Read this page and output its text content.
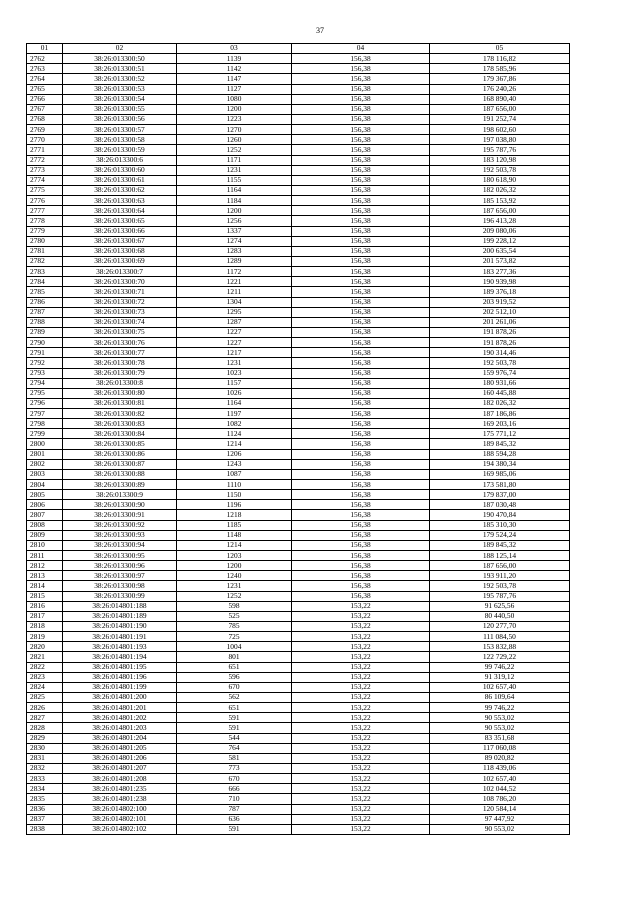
37
01	02	03	04	05
2762	38:26:013300:50	1139	156,38	178 116,82
2763	38:26:013300:51	1142	156,38	178 585,96
2764	38:26:013300:52	1147	156,38	179 367,86
2765	38:26:013300:53	1127	156,38	176 240,26
2766	38:26:013300:54	1080	156,38	168 890,40
2767	38:26:013300:55	1200	156,38	187 656,00
2768	38:26:013300:56	1223	156,38	191 252,74
2769	38:26:013300:57	1270	156,38	198 602,60
2770	38:26:013300:58	1260	156,38	197 038,80
2771	38:26:013300:59	1252	156,38	195 787,76
2772	38:26:013300:6	1171	156,38	183 120,98
2773	38:26:013300:60	1231	156,38	192 503,78
2774	38:26:013300:61	1155	156,38	180 618,90
2775	38:26:013300:62	1164	156,38	182 026,32
2776	38:26:013300:63	1184	156,38	185 153,92
2777	38:26:013300:64	1200	156,38	187 656,00
2778	38:26:013300:65	1256	156,38	196 413,28
2779	38:26:013300:66	1337	156,38	209 080,06
2780	38:26:013300:67	1274	156,38	199 228,12
2781	38:26:013300:68	1283	156,38	200 635,54
2782	38:26:013300:69	1289	156,38	201 573,82
2783	38:26:013300:7	1172	156,38	183 277,36
2784	38:26:013300:70	1221	156,38	190 939,98
2785	38:26:013300:71	1211	156,38	189 376,18
2786	38:26:013300:72	1304	156,38	203 919,52
2787	38:26:013300:73	1295	156,38	202 512,10
2788	38:26:013300:74	1287	156,38	201 261,06
2789	38:26:013300:75	1227	156,38	191 878,26
2790	38:26:013300:76	1227	156,38	191 878,26
2791	38:26:013300:77	1217	156,38	190 314,46
2792	38:26:013300:78	1231	156,38	192 503,78
2793	38:26:013300:79	1023	156,38	159 976,74
2794	38:26:013300:8	1157	156,38	180 931,66
2795	38:26:013300:80	1026	156,38	160 445,88
2796	38:26:013300:81	1164	156,38	182 026,32
2797	38:26:013300:82	1197	156,38	187 186,86
2798	38:26:013300:83	1082	156,38	169 203,16
2799	38:26:013300:84	1124	156,38	175 771,12
2800	38:26:013300:85	1214	156,38	189 845,32
2801	38:26:013300:86	1206	156,38	188 594,28
2802	38:26:013300:87	1243	156,38	194 380,34
2803	38:26:013300:88	1087	156,38	169 985,06
2804	38:26:013300:89	1110	156,38	173 581,80
2805	38:26:013300:9	1150	156,38	179 837,00
2806	38:26:013300:90	1196	156,38	187 030,48
2807	38:26:013300:91	1218	156,38	190 470,84
2808	38:26:013300:92	1185	156,38	185 310,30
2809	38:26:013300:93	1148	156,38	179 524,24
2810	38:26:013300:94	1214	156,38	189 845,32
2811	38:26:013300:95	1203	156,38	188 125,14
2812	38:26:013300:96	1200	156,38	187 656,00
2813	38:26:013300:97	1240	156,38	193 911,20
2814	38:26:013300:98	1231	156,38	192 503,78
2815	38:26:013300:99	1252	156,38	195 787,76
2816	38:26:014801:188	598	153,22	91 625,56
2817	38:26:014801:189	525	153,22	80 440,50
2818	38:26:014801:190	785	153,22	120 277,70
2819	38:26:014801:191	725	153,22	111 084,50
2820	38:26:014801:193	1004	153,22	153 832,88
2821	38:26:014801:194	801	153,22	122 729,22
2822	38:26:014801:195	651	153,22	99 746,22
2823	38:26:014801:196	596	153,22	91 319,12
2824	38:26:014801:199	670	153,22	102 657,40
2825	38:26:014801:200	562	153,22	86 109,64
2826	38:26:014801:201	651	153,22	99 746,22
2827	38:26:014801:202	591	153,22	90 553,02
2828	38:26:014801:203	591	153,22	90 553,02
2829	38:26:014801:204	544	153,22	83 351,68
2830	38:26:014801:205	764	153,22	117 060,08
2831	38:26:014801:206	581	153,22	89 020,82
2832	38:26:014801:207	773	153,22	118 439,06
2833	38:26:014801:208	670	153,22	102 657,40
2834	38:26:014801:235	666	153,22	102 044,52
2835	38:26:014801:238	710	153,22	108 786,20
2836	38:26:014802:100	787	153,22	120 584,14
2837	38:26:014802:101	636	153,22	97 447,92
2838	38:26:014802:102	591	153,22	90 553,02
